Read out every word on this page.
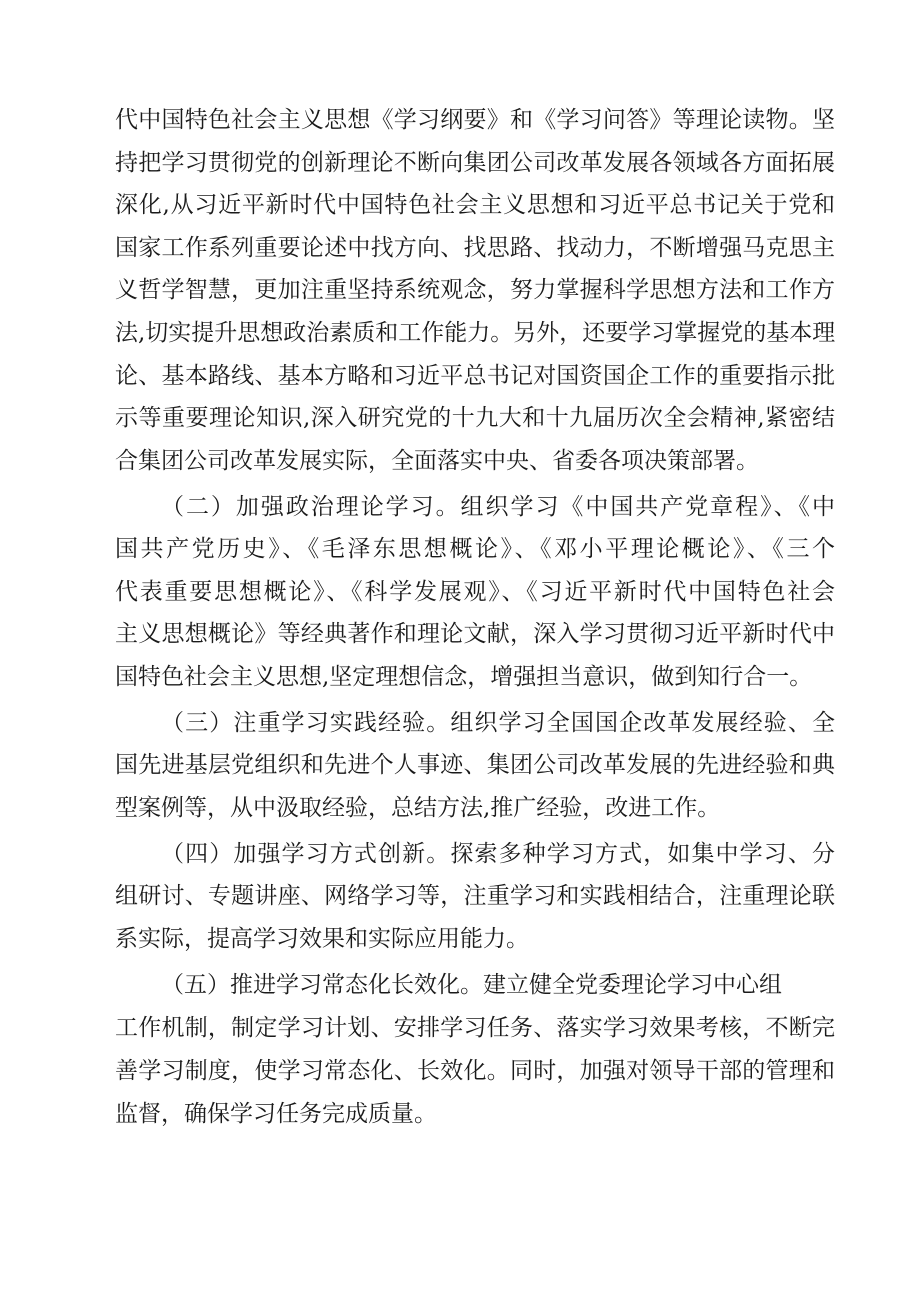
代中国特色社会主义思想《学习纲要》和《学习问答》等理论读物。坚
持把学习贯彻党的创新理论不断向集团公司改革发展各领域各方面拓展
深化,从习近平新时代中国特色社会主义思想和习近平总书记关于党和
国家工作系列重要论述中找方向、找思路、找动力，不断增强马克思主
义哲学智慧，更加注重坚持系统观念，努力掌握科学思想方法和工作方
法,切实提升思想政治素质和工作能力。另外，还要学习掌握党的基本理
论、基本路线、基本方略和习近平总书记对国资国企工作的重要指示批
示等重要理论知识,深入研究党的十九大和十九届历次全会精神,紧密结
合集团公司改革发展实际，全面落实中央、省委各项决策部署。
（二）加强政治理论学习。组织学习《中国共产党章程》、《中
国共产党历史》、《毛泽东思想概论》、《邓小平理论概论》、《三个
代表重要思想概论》、《科学发展观》、《习近平新时代中国特色社会
主义思想概论》等经典著作和理论文献，深入学习贯彻习近平新时代中
国特色社会主义思想,坚定理想信念，增强担当意识，做到知行合一。
（三）注重学习实践经验。组织学习全国国企改革发展经验、全
国先进基层党组织和先进个人事迹、集团公司改革发展的先进经验和典
型案例等，从中汲取经验，总结方法,推广经验，改进工作。
（四）加强学习方式创新。探索多种学习方式，如集中学习、分
组研讨、专题讲座、网络学习等，注重学习和实践相结合，注重理论联
系实际，提高学习效果和实际应用能力。
（五）推进学习常态化长效化。建立健全党委理论学习中心组
工作机制，制定学习计划、安排学习任务、落实学习效果考核，不断完
善学习制度，使学习常态化、长效化。同时，加强对领导干部的管理和
监督，确保学习任务完成质量。
